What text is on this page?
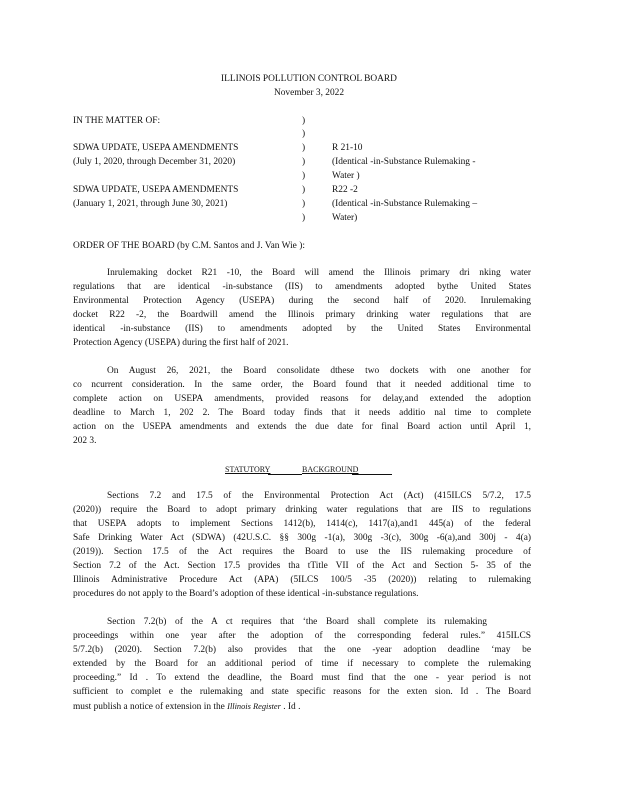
ILLINOIS POLLUTION CONTROL BOARD
November 3, 2022
IN THE MATTER OF:	)
)
)
)
)
)
)
)
SDWA UPDATE, USEPA AMENDMENTS
(July 1, 2020, through December 31, 2020)
R 21-10
(Identical -in-Substance Rulemaking -
Water )
SDWA UPDATE, USEPA AMENDMENTS
(January 1, 2021, through June 30, 2021)
R22 -2
(Identical -in-Substance Rulemaking –
Water)
ORDER OF THE BOARD (by C.M. Santos and J. Van Wie ):
Inrulemaking docket R21 -10, the Board will amend the Illinois primary dri nking water
regulations that are identical -in-substance (IIS) to amendments adopted bythe United States
Environmental Protection Agency (USEPA) during the second half of 2020. Inrulemaking
docket R22 -2, the Boardwill amend the Illinois primary drinking water regulations that are
identical -in-substance (IIS) to amendments adopted by the United States Environmental
Protection Agency (USEPA) during the first half of 2021.
On August 26, 2021, the Board consolidate dthese two dockets with one another for
co ncurrent consideration. In the same order, the Board found that it needed additional time to
complete action on USEPA amendments, provided reasons for delay,and extended the adoption
deadline to March 1, 202 2. The Board today finds that it needs additio nal time to complete
action on the USEPA amendments and extends the due date for final Board action until April 1,
202 3.
STATUTORY	BACKGROUND
Sections 7.2 and 17.5 of the Environmental Protection Act (Act) (415ILCS 5/7.2, 17.5
(2020)) require the Board to adopt primary drinking water regulations that are IIS to regulations
that USEPA adopts to implement Sections 1412(b), 1414(c), 1417(a),and1 445(a) of the federal
Safe Drinking Water Act (SDWA) (42U.S.C. §§ 300g -1(a), 300g -3(c), 300g -6(a),and 300j - 4(a)
(2019)). Section 17.5 of the Act requires the Board to use the IIS rulemaking procedure of
Section 7.2 of the Act. Section 17.5 provides tha tTitle VII of the Act and Section 5- 35 of the
Illinois Administrative Procedure Act (APA) (5ILCS 100/5 -35 (2020)) relating to rulemaking
procedures do not apply to the Board’s adoption of these identical -in-substance regulations.
Section 7.2(b) of the A ct requires that ‘the Board shall complete its rulemaking
proceedings within one year after the adoption of the corresponding federal rules.” 415ILCS
5/7.2(b) (2020). Section 7.2(b) also provides that the one -year adoption deadline ‘may be
extended by the Board for an additional period of time if necessary to complete the rulemaking
proceeding.” Id . To extend the deadline, the Board must find that the one - year period is not
sufficient to complet e the rulemaking and state specific reasons for the exten sion. Id . The Board
must publish a notice of extension in the Illinois Register . Id .
